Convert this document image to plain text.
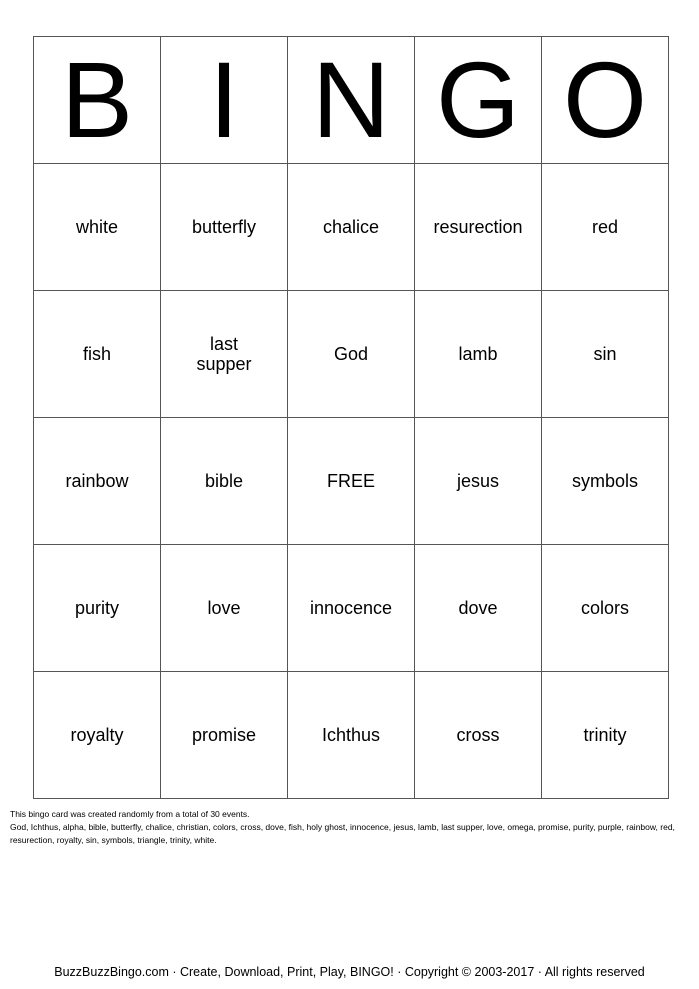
B	I	N	G	O
white	butterfly	chalice	resurection	red
fish	last supper	God	lamb	sin
rainbow	bible	FREE	jesus	symbols
purity	love	innocence	dove	colors
royalty	promise	Ichthus	cross	trinity
This bingo card was created randomly from a total of 30 events.
God, Ichthus, alpha, bible, butterfly, chalice, christian, colors, cross, dove, fish, holy ghost, innocence, jesus, lamb, last supper, love, omega, promise, purity, purple, rainbow, red, resurection, royalty, sin, symbols, triangle, trinity, white.
BuzzBuzzBingo.com · Create, Download, Print, Play, BINGO! · Copyright © 2003-2017 · All rights reserved
